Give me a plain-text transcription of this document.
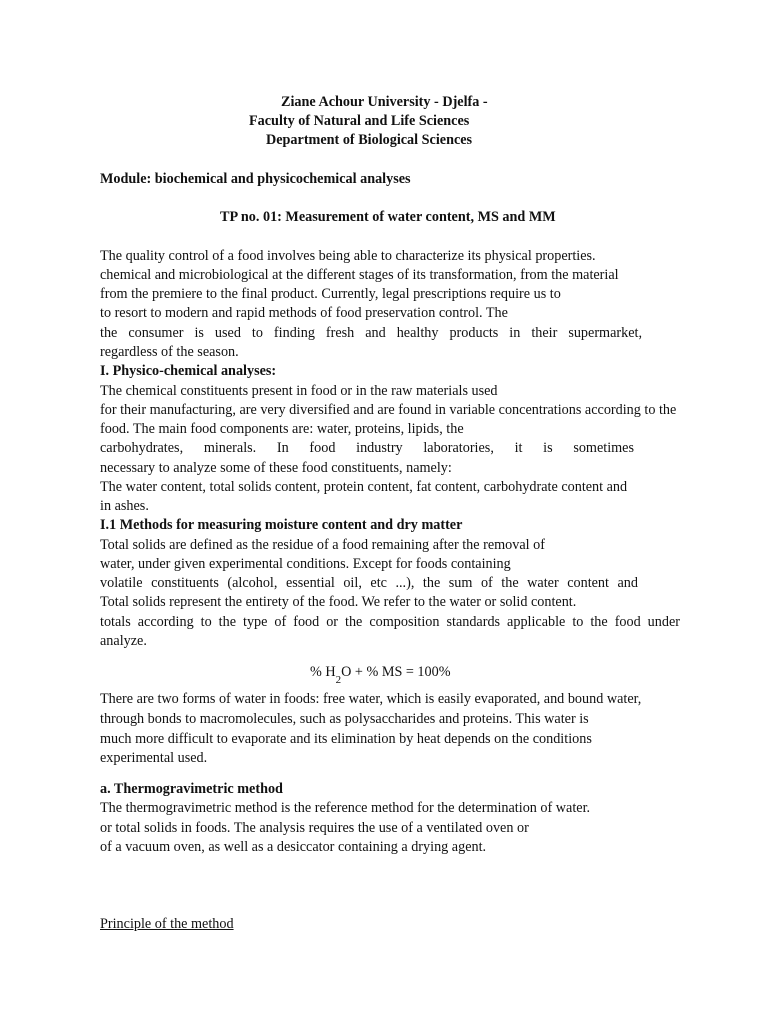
Ziane Achour University - Djelfa -
Faculty of Natural and Life Sciences
Department of Biological Sciences
Module: biochemical and physicochemical analyses
TP no. 01: Measurement of water content, MS and MM
The quality control of a food involves being able to characterize its physical properties.
chemical and microbiological at the different stages of its transformation, from the material
from the premiere to the final product. Currently, legal prescriptions require us to
to resort to modern and rapid methods of food preservation control. The
the consumer is used to finding fresh and healthy products in their supermarket,
regardless of the season.
I. Physico-chemical analyses:
The chemical constituents present in food or in the raw materials used
for their manufacturing, are very diversified and are found in variable concentrations according to the
food. The main food components are: water, proteins, lipids, the
carbohydrates, minerals. In food industry laboratories, it is sometimes
necessary to analyze some of these food constituents, namely:
The water content, total solids content, protein content, fat content, carbohydrate content and
in ashes.
I.1 Methods for measuring moisture content and dry matter
Total solids are defined as the residue of a food remaining after the removal of
water, under given experimental conditions. Except for foods containing
volatile constituents (alcohol, essential oil, etc ...), the sum of the water content and
Total solids represent the entirety of the food. We refer to the water or solid content.
totals according to the type of food or the composition standards applicable to the food under
analyze.
% $H_2O$ + % MS = 100%
There are two forms of water in foods: free water, which is easily evaporated, and bound water,
through bonds to macromolecules, such as polysaccharides and proteins. This water is
much more difficult to evaporate and its elimination by heat depends on the conditions
experimental used.
a. Thermogravimetric method
The thermogravimetric method is the reference method for the determination of water.
or total solids in foods. The analysis requires the use of a ventilated oven or
of a vacuum oven, as well as a desiccator containing a drying agent.
Principle of the method
